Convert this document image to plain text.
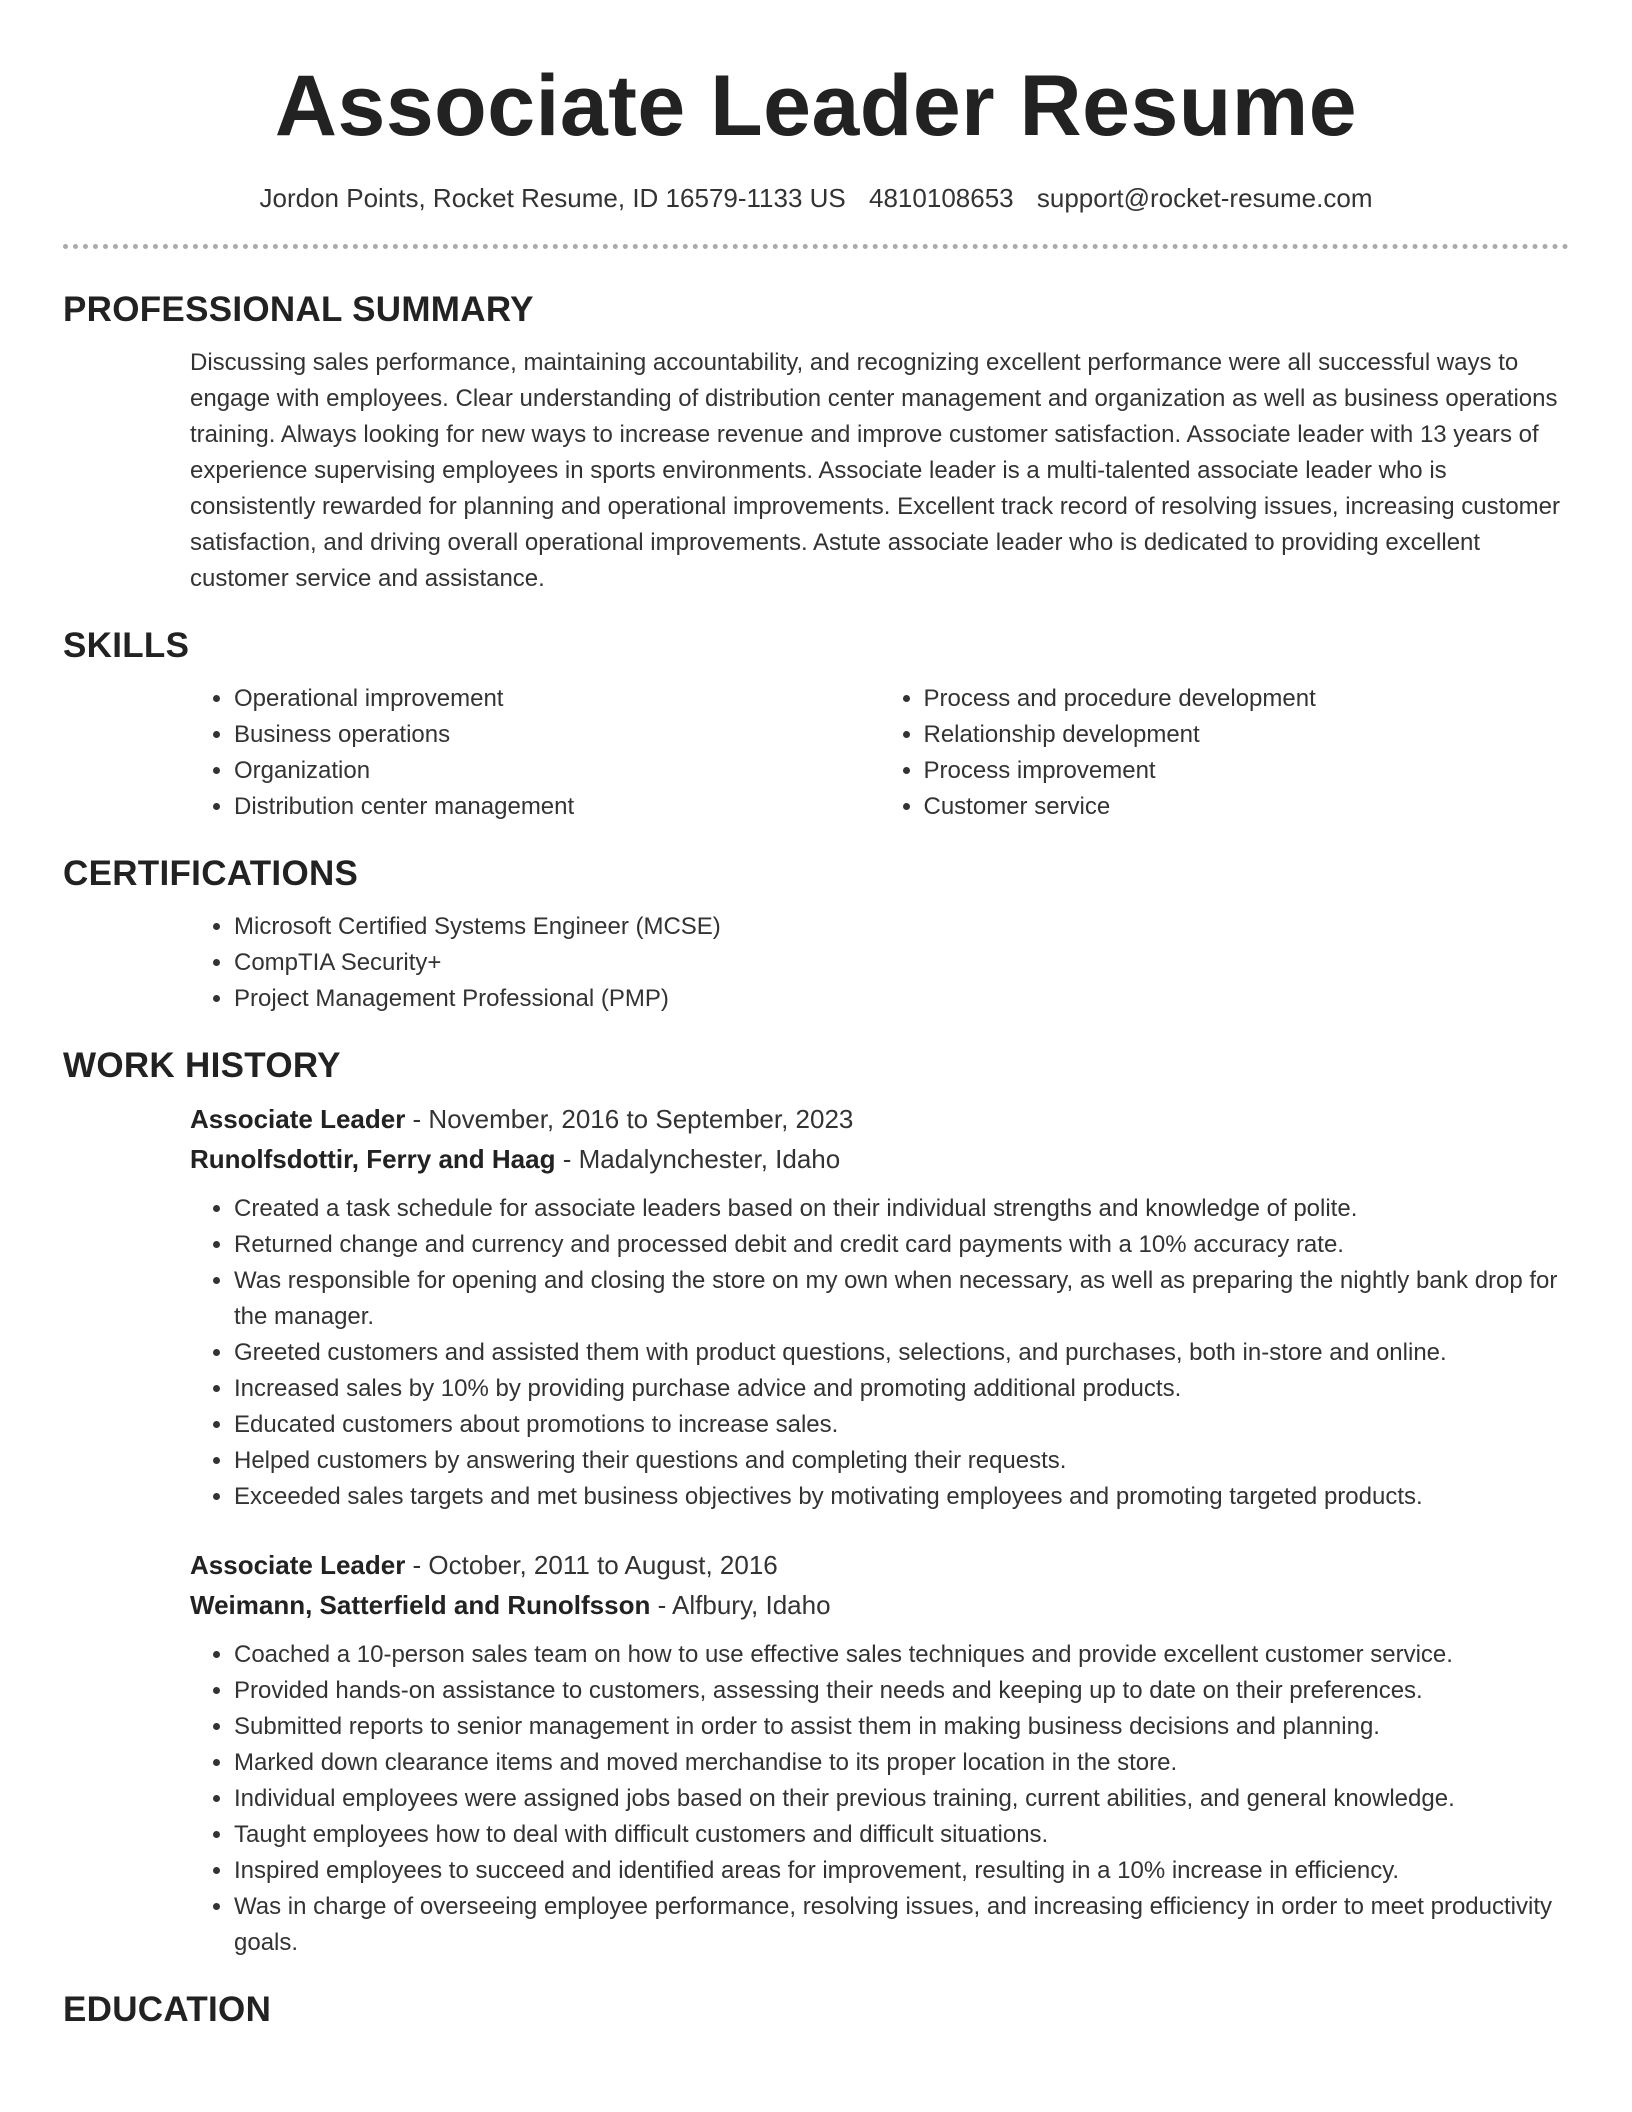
Associate Leader Resume
Jordon Points, Rocket Resume, ID 16579-1133 US 4810108653 support@rocket-resume.com
PROFESSIONAL SUMMARY

Discussing sales performance, maintaining accountability, and recognizing excellent performance were all successful ways to engage with employees. Clear understanding of distribution center management and organization as well as business operations training. Always looking for new ways to increase revenue and improve customer satisfaction. Associate leader with 13 years of experience supervising employees in sports environments. Associate leader is a multi-talented associate leader who is consistently rewarded for planning and operational improvements. Excellent track record of resolving issues, increasing customer satisfaction, and driving overall operational improvements. Astute associate leader who is dedicated to providing excellent customer service and assistance.

SKILLS
• Operational improvement
• Business operations
• Organization
• Distribution center management
• Process and procedure development
• Relationship development
• Process improvement
• Customer service
CERTIFICATIONS
• Microsoft Certified Systems Engineer (MCSE)
• CompTIA Security+
• Project Management Professional (PMP)
WORK HISTORY

Associate Leader - November, 2016 to September, 2023

Runolfsdottir, Ferry and Haag - Madalynchester, Idaho

• Created a task schedule for associate leaders based on their individual strengths and knowledge of polite.
• Returned change and currency and processed debit and credit card payments with a 10% accuracy rate.
• Was responsible for opening and closing the store on my own when necessary, as well as preparing the nightly bank drop for the manager.
• Greeted customers and assisted them with product questions, selections, and purchases, both in-store and online.
• Increased sales by 10% by providing purchase advice and promoting additional products.
• Educated customers about promotions to increase sales.
• Helped customers by answering their questions and completing their requests.
• Exceeded sales targets and met business objectives by motivating employees and promoting targeted products.

Associate Leader - October, 2011 to August, 2016

Weimann, Satterfield and Runolfsson - Alfbury, Idaho

• Coached a 10-person sales team on how to use effective sales techniques and provide excellent customer service.
• Provided hands-on assistance to customers, assessing their needs and keeping up to date on their preferences.
• Submitted reports to senior management in order to assist them in making business decisions and planning.
• Marked down clearance items and moved merchandise to its proper location in the store.
• Individual employees were assigned jobs based on their previous training, current abilities, and general knowledge.
• Taught employees how to deal with difficult customers and difficult situations.
• Inspired employees to succeed and identified areas for improvement, resulting in a 10% increase in efficiency.
• Was in charge of overseeing employee performance, resolving issues, and increasing efficiency in order to meet productivity goals.
EDUCATION
